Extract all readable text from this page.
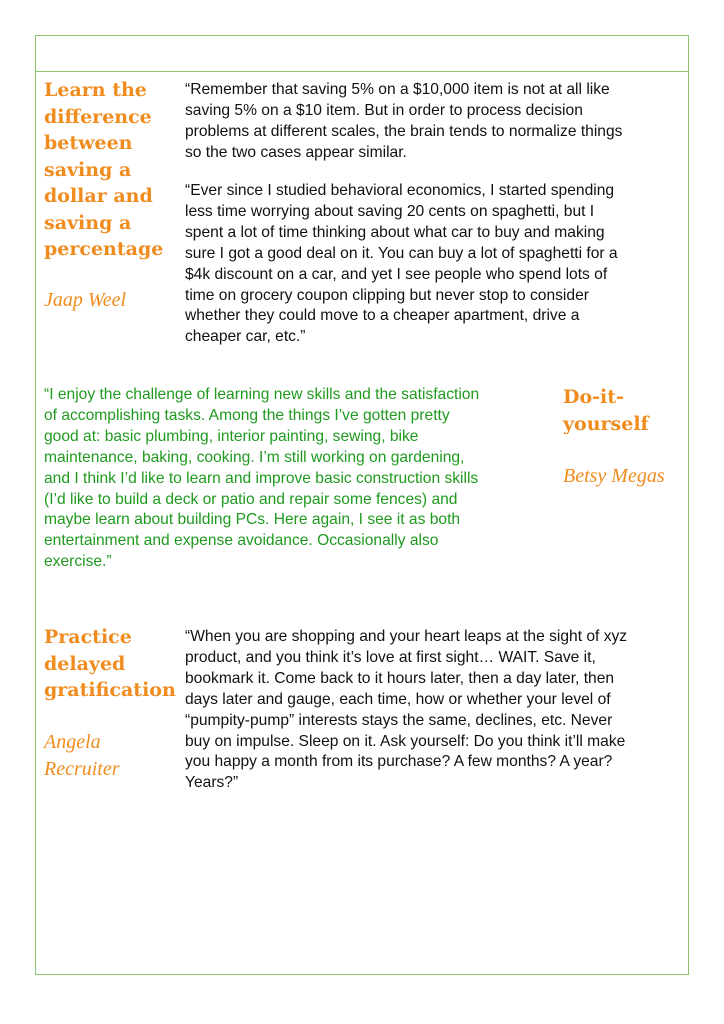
Learn the
difference
between
saving a
dollar and
saving a
percentage
Jaap Weel
“Remember that saving 5% on a $10,000 item is not at all like
saving 5% on a $10 item. But in order to process decision
problems at different scales, the brain tends to normalize things
so the two cases appear similar.
“Ever since I studied behavioral economics, I started spending
less time worrying about saving 20 cents on spaghetti, but I
spent a lot of time thinking about what car to buy and making
sure I got a good deal on it. You can buy a lot of spaghetti for a
$4k discount on a car, and yet I see people who spend lots of
time on grocery coupon clipping but never stop to consider
whether they could move to a cheaper apartment, drive a
cheaper car, etc.”
“I enjoy the challenge of learning new skills and the satisfaction
of accomplishing tasks. Among the things I’ve gotten pretty
good at: basic plumbing, interior painting, sewing, bike
maintenance, baking, cooking. I’m still working on gardening,
and I think I’d like to learn and improve basic construction skills
(I’d like to build a deck or patio and repair some fences) and
maybe learn about building PCs. Here again, I see it as both
entertainment and expense avoidance. Occasionally also
exercise.”
Do-it-
yourself
Betsy Megas
Practice
delayed
gratification
Angela
Recruiter
“When you are shopping and your heart leaps at the sight of xyz
product, and you think it’s love at first sight… WAIT. Save it,
bookmark it. Come back to it hours later, then a day later, then
days later and gauge, each time, how or whether your level of
“pumpity-pump” interests stays the same, declines, etc. Never
buy on impulse. Sleep on it. Ask yourself: Do you think it’ll make
you happy a month from its purchase? A few months? A year?
Years?”
